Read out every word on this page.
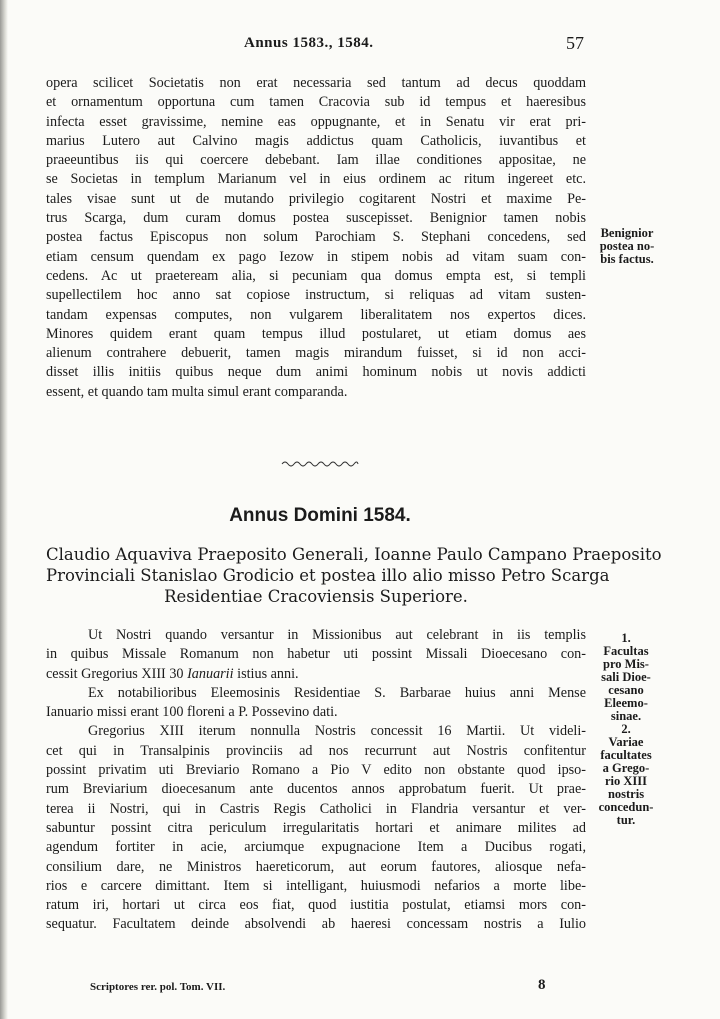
Annus 1583., 1584.	57
opera scilicet Societatis non erat necessaria sed tantum ad decus quoddam
et ornamentum opportuna cum tamen Cracovia sub id tempus et haeresibus
infecta esset gravissime, nemine eas oppugnante, et in Senatu vir erat pri-
marius Lutero aut Calvino magis addictus quam Catholicis, iuvantibus et
praeeuntibus iis qui coercere debebant. Iam illae conditiones appositae, ne
se Societas in templum Marianum vel in eius ordinem ac ritum ingereet etc.
tales visae sunt ut de mutando privilegio cogitarent Nostri et maxime Pe-
trus Scarga, dum curam domus postea suscepisset. Benignior tamen nobis
postea factus Episcopus non solum Parochiam S. Stephani concedens, sed
etiam censum quendam ex pago Iezow in stipem nobis ad vitam suam con-
cedens. Ac ut praeteream alia, si pecuniam qua domus empta est, si templi
supellectilem hoc anno sat copiose instructum, si reliquas ad vitam susten-
tandam expensas computes, non vulgarem liberalitatem nos expertos dices.
Minores quidem erant quam tempus illud postularet, ut etiam domus aes
alienum contrahere debuerit, tamen magis mirandum fuisset, si id non acci-
disset illis initiis quibus neque dum animi hominum nobis ut novis addicti
essent, et quando tam multa simul erant comparanda.
Benignior
postea no-
bis factus.
Annus Domini 1584.
Claudio Aquaviva Praeposito Generali, Ioanne Paulo Campano Praeposito
Provinciali Stanislao Grodicio et postea illo alio misso Petro Scarga
Residentiae Cracoviensis Superiore.
Ut Nostri quando versantur in Missionibus aut celebrant in iis templis
in quibus Missale Romanum non habetur uti possint Missali Dioecesano con-
cessit Gregorius XIII 30 Ianuarii istius anni.
Ex notabilioribus Eleemosinis Residentiae S. Barbarae huius anni Mense
Ianuario missi erant 100 floreni a P. Possevino dati.
Gregorius XIII iterum nonnulla Nostris concessit 16 Martii. Ut videli-
cet qui in Transalpinis provinciis ad nos recurrunt aut Nostris confitentur
possint privatim uti Breviario Romano a Pio V edito non obstante quod ipso-
rum Breviarium dioecesanum ante ducentos annos approbatum fuerit. Ut prae-
terea ii Nostri, qui in Castris Regis Catholici in Flandria versantur et ver-
sabuntur possint citra periculum irregularitatis hortari et animare milites ad
agendum fortiter in acie, arciumque expugnacione Item a Ducibus rogati,
consilium dare, ne Ministros haereticorum, aut eorum fautores, aliosque nefa-
rios e carcere dimittant. Item si intelligant, huiusmodi nefarios a morte libe-
ratum iri, hortari ut circa eos fiat, quod iustitia postulat, etiamsi mors con-
sequatur. Facultatem deinde absolvendi ab haeresi concessam nostris a Iulio
1.
Facultas
pro Mis-
sali Dioe-
cesano
Eleemo-
sinae.
2.
Variae
facultates
a Grego-
rio XIII
nostris
concedun-
tur.
Scriptores rer. pol. Tom. VII.	8
